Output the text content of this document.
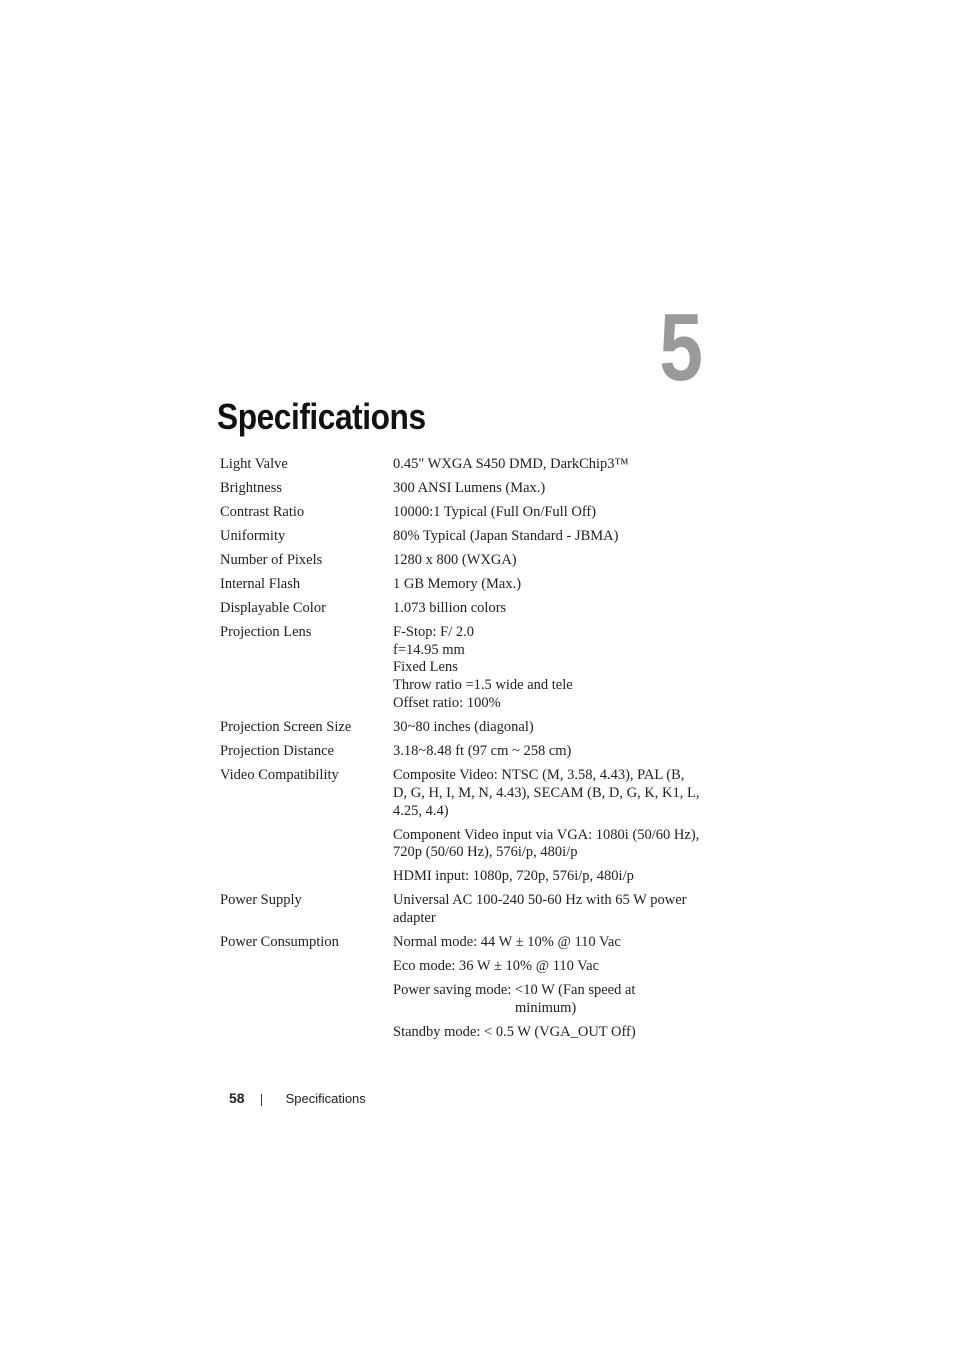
5
Specifications
Light Valve	0.45" WXGA S450 DMD, DarkChip3™
Brightness	300 ANSI Lumens (Max.)
Contrast Ratio	10000:1 Typical (Full On/Full Off)
Uniformity	80% Typical (Japan Standard - JBMA)
Number of Pixels	1280 x 800 (WXGA)
Internal Flash	1 GB Memory (Max.)
Displayable Color	1.073 billion colors
Projection Lens	F-Stop: F/ 2.0
f=14.95 mm
Fixed Lens
Throw ratio =1.5 wide and tele
Offset ratio: 100%
Projection Screen Size	30~80 inches (diagonal)
Projection Distance	3.18~8.48 ft (97 cm ~ 258 cm)
Video Compatibility	Composite Video: NTSC (M, 3.58, 4.43), PAL (B,
D, G, H, I, M, N, 4.43), SECAM (B, D, G, K, K1, L,
4.25, 4.4)
Component Video input via VGA: 1080i (50/60 Hz),
720p (50/60 Hz), 576i/p, 480i/p
HDMI input: 1080p, 720p, 576i/p, 480i/p
Power Supply	Universal AC 100-240 50-60 Hz with 65 W power
adapter
Power Consumption	Normal mode: 44 W ± 10% @ 110 Vac
Eco mode: 36 W ± 10% @ 110 Vac
Power saving mode: <10 W (Fan speed at
minimum)
Standby mode: < 0.5 W (VGA_OUT Off)
58	Specifications
